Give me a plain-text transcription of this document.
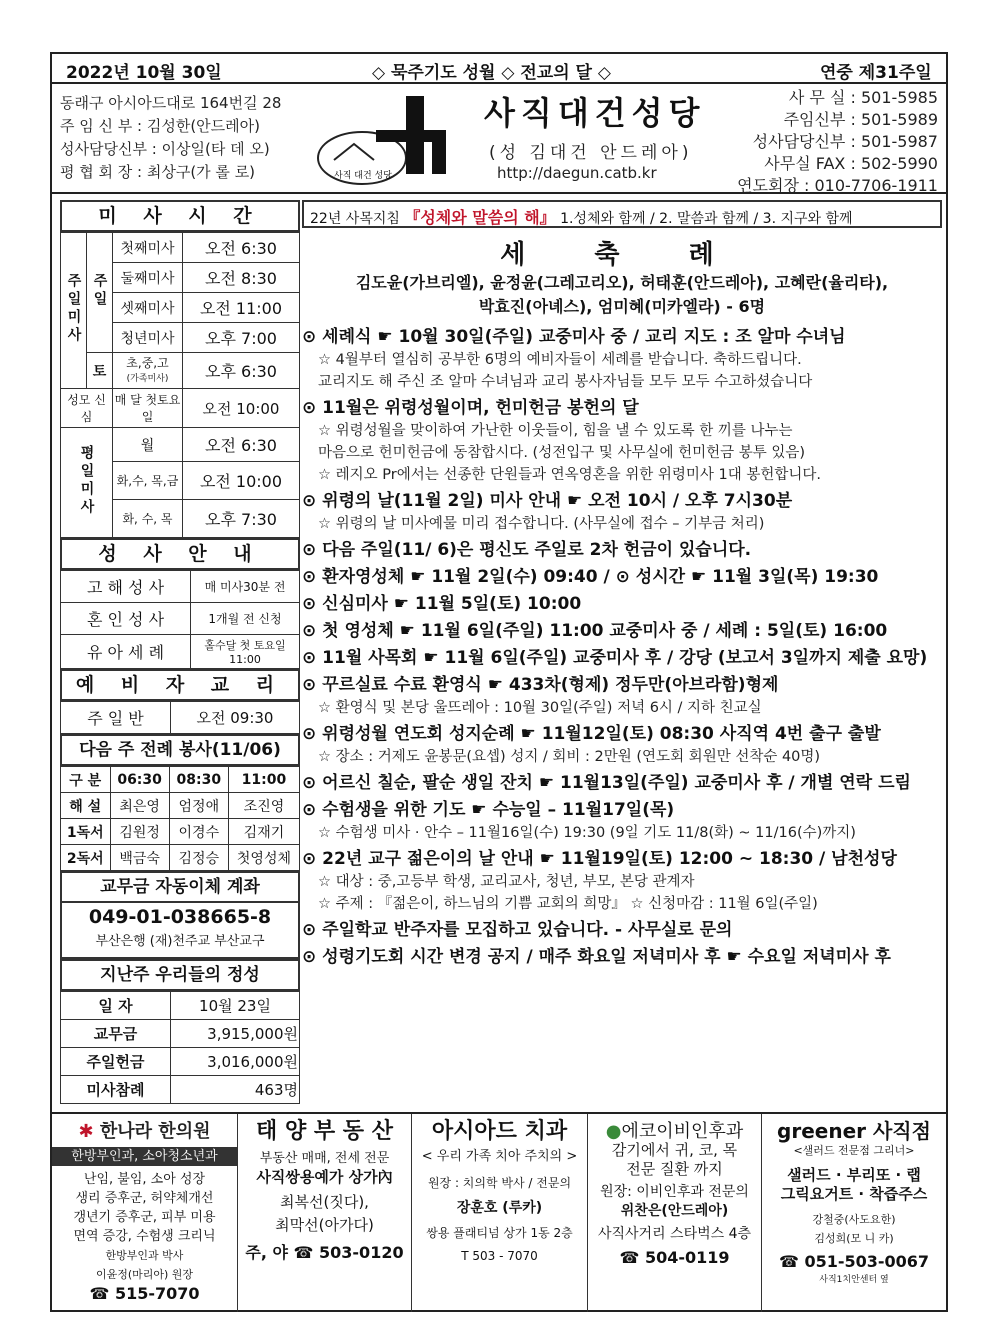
2022년 10월 30일	◇ 묵주기도 성월 ◇ 전교의 달 ◇	연중 제31주일
동래구 아시아드대로 164번길 28
주 임 신 부 : 김성한(안드레아)
성사담당신부 : 이상일(타 데 오)
평 협 회 장 : 최상구(가 롤 로)	사직 대건 성당
사직대건성당
(성 김대건 안드레아)
http://daegun.catb.kr
사 무 실 : 501-5985
주임신부 : 501-5989
성사담당신부 : 501-5987
사무실 FAX : 502-5990
연도회장 : 010-7706-1911
미 사 시 간
주일미사	주일	첫째미사	오전 6:30
		둘째미사	오전 8:30
		셋째미사	오전 11:00
		청년미사	오후 7:00
	토	초,중,고
(가족미사)	오후 6:30
성모 신심		매 달 첫토요일	오전 10:00
평일미사		월	오전 6:30
		화,수, 목,금	오전 10:00
		화, 수, 목	오후 7:30
성 사 안 내
고 해 성 사	매 미사30분 전
혼 인 성 사	1개월 전 신청
유 아 세 례	홀수달 첫 토요일 11:00
예 비 자 교 리
주 일 반	오전 09:30
다음 주 전례 봉사(11/06)
구 분	06:30	08:30	11:00
해 설	최은영	엄정애	조진영
1독서	김원정	이경수	김재기
2독서	백금숙	김정승	첫영성체
교무금 자동이체 계좌
049-01-038665-8
부산은행 (재)천주교 부산교구
지난주 우리들의 정성
일 자	10월 23일
교무금	3,915,000원
주일헌금	3,016,000원
미사참례	463명
22년 사목지침 『성체와 말씀의 해』 1.성체와 함께 / 2. 말씀과 함께 / 3. 지구와 함께
세 축 례
김도윤(가브리엘), 윤정윤(그레고리오), 허태훈(안드레아), 고혜란(율리타),
박효진(아녜스), 엄미혜(미카엘라) - 6명
⊙ 세례식 ☛ 10월 30일(주일) 교중미사 중 / 교리 지도 : 조 알마 수녀님
☆ 4월부터 열심히 공부한 6명의 예비자들이 세례를 받습니다. 축하드립니다.
교리지도 해 주신 조 알마 수녀님과 교리 봉사자님들 모두 모두 수고하셨습니다
⊙ 11월은 위령성월이며, 헌미헌금 봉헌의 달
☆ 위령성월을 맞이하여 가난한 이웃들이, 힘을 낼 수 있도록 한 끼를 나누는
마음으로 헌미헌금에 동참합시다. (성전입구 및 사무실에 헌미헌금 봉투 있음)
☆ 레지오 Pr에서는 선종한 단원들과 연옥영혼을 위한 위령미사 1대 봉헌합니다.
⊙ 위령의 날(11월 2일) 미사 안내 ☛ 오전 10시 / 오후 7시30분
☆ 위령의 날 미사예물 미리 접수합니다. (사무실에 접수 – 기부금 처리)
⊙ 다음 주일(11/ 6)은 평신도 주일로 2차 헌금이 있습니다.
⊙ 환자영성체 ☛ 11월 2일(수) 09:40 / ⊙ 성시간 ☛ 11월 3일(목) 19:30
⊙ 신심미사 ☛ 11월 5일(토) 10:00
⊙ 첫 영성체 ☛ 11월 6일(주일) 11:00 교중미사 중 / 세례 : 5일(토) 16:00
⊙ 11월 사목회 ☛ 11월 6일(주일) 교중미사 후 / 강당 (보고서 3일까지 제출 요망)
⊙ 꾸르실료 수료 환영식 ☛ 433차(형제) 정두만(아브라함)형제
☆ 환영식 및 본당 울뜨레아 : 10월 30일(주일) 저녁 6시 / 지하 친교실
⊙ 위령성월 연도회 성지순례 ☛ 11월12일(토) 08:30 사직역 4번 출구 출발
☆ 장소 : 거제도 윤봉문(요셉) 성지 / 회비 : 2만원 (연도회 회원만 선착순 40명)
⊙ 어르신 칠순, 팔순 생일 잔치 ☛ 11월13일(주일) 교중미사 후 / 개별 연락 드림
⊙ 수험생을 위한 기도 ☛ 수능일 – 11월17일(목)
☆ 수험생 미사 · 안수 – 11월16일(수) 19:30 (9일 기도 11/8(화) ~ 11/16(수)까지)
⊙ 22년 교구 젊은이의 날 안내 ☛ 11월19일(토) 12:00 ~ 18:30 / 남천성당
☆ 대상 : 중,고등부 학생, 교리교사, 청년, 부모, 본당 관계자
☆ 주제 : 『젊은이, 하느님의 기쁨 교회의 희망』 ☆ 신청마감 : 11월 6일(주일)
⊙ 주일학교 반주자를 모집하고 있습니다. - 사무실로 문의
⊙ 성령기도회 시간 변경 공지 / 매주 화요일 저녁미사 후 ☛ 수요일 저녁미사 후
✱ 한나라 한의원
한방부인과, 소아청소년과
난임, 불임, 소아 성장
생리 증후군, 허약체개선
갱년기 증후군, 피부 미용
면역 증강, 수험생 크리닉
한방부인과 박사
이윤정(마리아) 원장
☎ 515-7070
태 양 부 동 산
부동산 매매, 전세 전문
사직쌍용예가 상가內
최복선(짓다),
최막선(아가다)
주, 야 ☎ 503-0120
아시아드 치과
< 우리 가족 치아 주치의 >
원장 : 치의학 박사 / 전문의
장훈호 (루카)
쌍용 플래티넘 상가 1동 2층
T 503 - 7070
●에코이비인후과
감기에서 귀, 코, 목
전문 질환 까지
원장: 이비인후과 전문의
위찬은(안드레아)
사직사거리 스타벅스 4층
☎ 504-0119
greener 사직점
<샐러드 전문점 그리너>
샐러드 · 부리또 · 랩
그릭요거트 · 착즙주스
강철중(사도요한)
김성희(모 니 카)
☎ 051-503-0067
사직1치안센터 옆
